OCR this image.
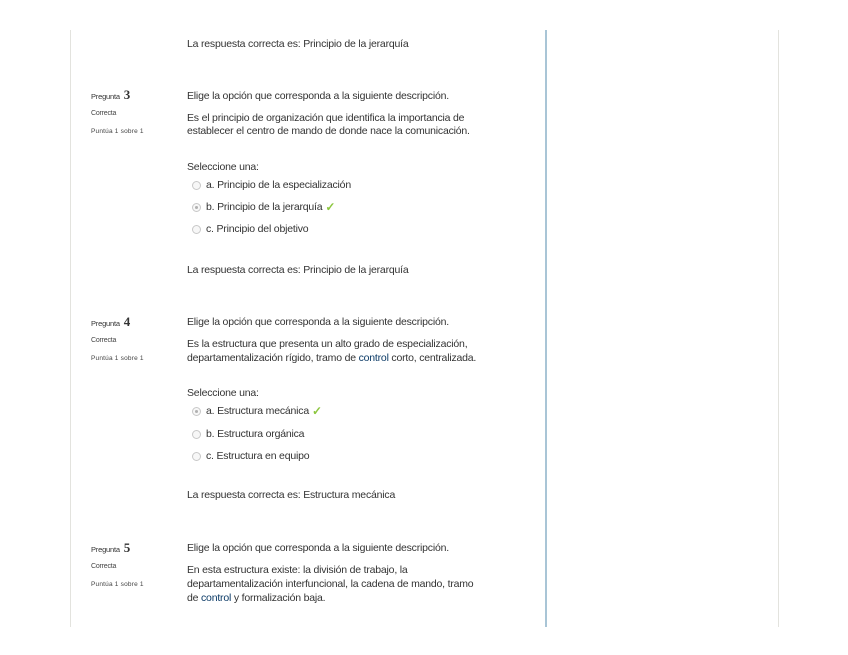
La respuesta correcta es: Principio de la jerarquía
Pregunta 3
Correcta
Puntúa 1 sobre 1
Elige la opción que corresponda a la siguiente descripción.
Es el principio de organización que identifica la importancia de
establecer el centro de mando de donde nace la comunicación.
Seleccione una:
a. Principio de la especialización
b. Principio de la jerarquía ✓
c. Principio del objetivo
La respuesta correcta es: Principio de la jerarquía
Pregunta 4
Correcta
Puntúa 1 sobre 1
Elige la opción que corresponda a la siguiente descripción.
Es la estructura que presenta un alto grado de especialización,
departamentalización rígido, tramo de control corto, centralizada.
Seleccione una:
a. Estructura mecánica ✓
b. Estructura orgánica
c. Estructura en equipo
La respuesta correcta es: Estructura mecánica
Pregunta 5
Correcta
Puntúa 1 sobre 1
Elige la opción que corresponda a la siguiente descripción.
En esta estructura existe: la división de trabajo, la
departamentalización interfuncional, la cadena de mando, tramo
de control y formalización baja.
